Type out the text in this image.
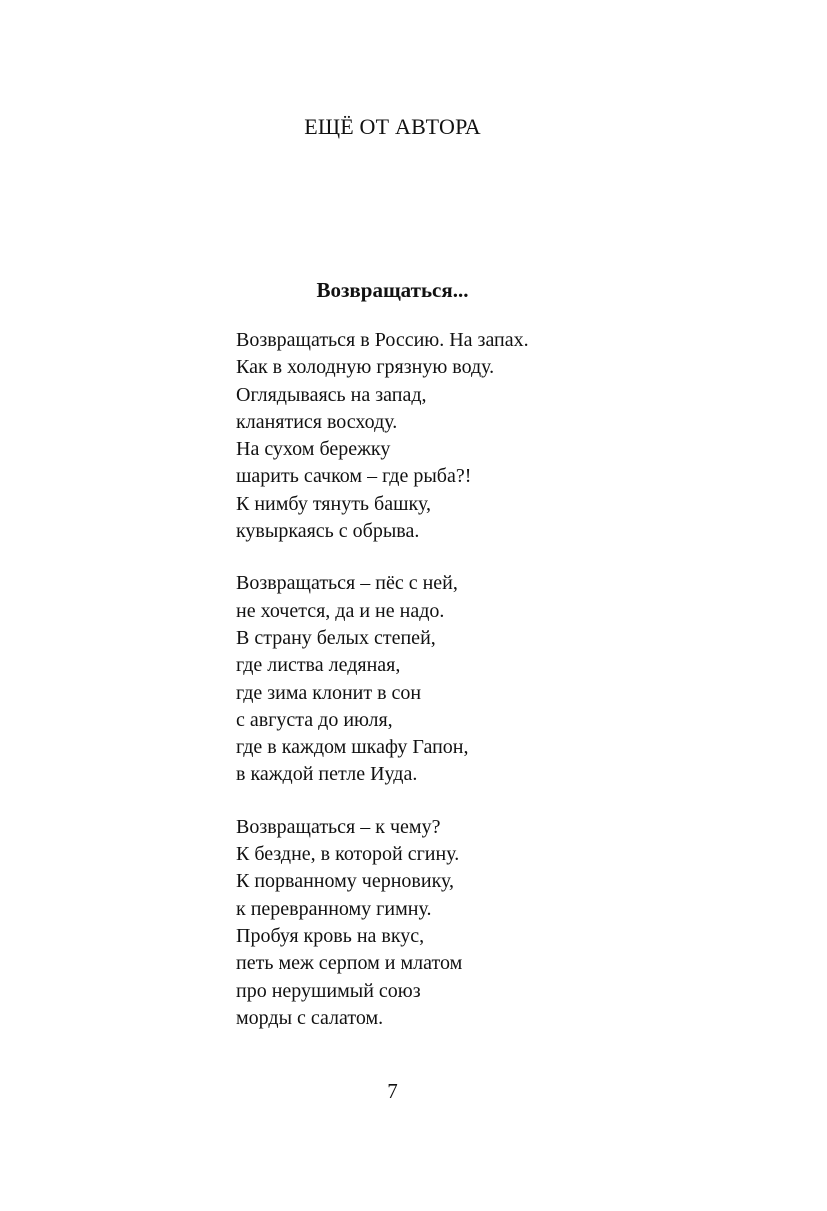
ЕЩЁ ОТ АВТОРА
Возвращаться...
Возвращаться в Россию. На запах.
Как в холодную грязную воду.
Оглядываясь на запад,
кланятися восходу.
На сухом бережку
шарить сачком – где рыба?!
К нимбу тянуть башку,
кувыркаясь с обрыва.
Возвращаться – пёс с ней,
не хочется, да и не надо.
В страну белых степей,
где листва ледяная,
где зима клонит в сон
с августа до июля,
где в каждом шкафу Гапон,
в каждой петле Иуда.
Возвращаться – к чему?
К бездне, в которой сгину.
К порванному черновику,
к перевранному гимну.
Пробуя кровь на вкус,
петь меж серпом и млатом
про нерушимый союз
морды с салатом.
7
